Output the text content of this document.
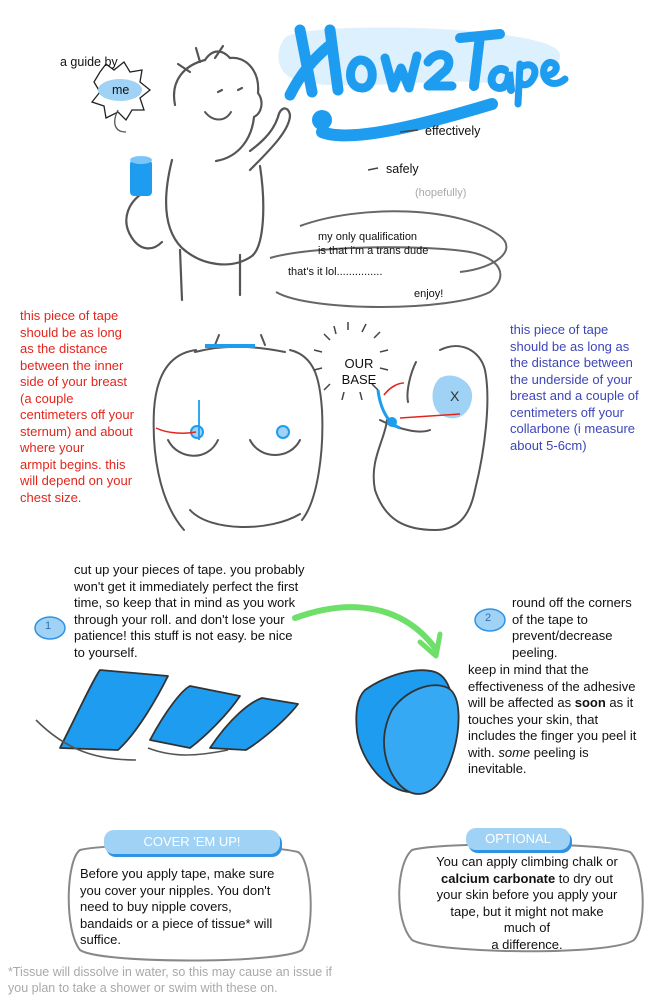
a guide by
me
effectively
safely
(hopefully)
my only qualification
is that i'm a trans dude
that's it lol...............
enjoy!
this piece of tape
should be as long
as the distance
between the inner
side of your breast
(a couple
centimeters off your
sternum) and about
where your
armpit begins. this
will depend on your
chest size.
OUR
BASE
X
this piece of tape
should be as long as
the distance between
the underside of your
breast and a couple of
centimeters off your
collarbone (i measure
about 5-6cm)
1
cut up your pieces of tape. you probably
won't get it immediately perfect the first
time, so keep that in mind as you work
through your roll. and don't lose your
patience! this stuff is not easy. be nice
to yourself.
2
round off the corners
of the tape to
prevent/decrease
peeling.
keep in mind that the
effectiveness of the adhesive
will be affected as soon as it
touches your skin, that
includes the finger you peel it
with. some peeling is
inevitable.
COVER 'EM UP!
Before you apply tape, make sure
you cover your nipples. You don't
need to buy nipple covers,
bandaids or a piece of tissue* will
suffice.
OPTIONAL
You can apply climbing chalk or
calcium carbonate to dry out
your skin before you apply your
tape, but it might not make
much of
a difference.
*Tissue will dissolve in water, so this may cause an issue if
you plan to take a shower or swim with these on.
